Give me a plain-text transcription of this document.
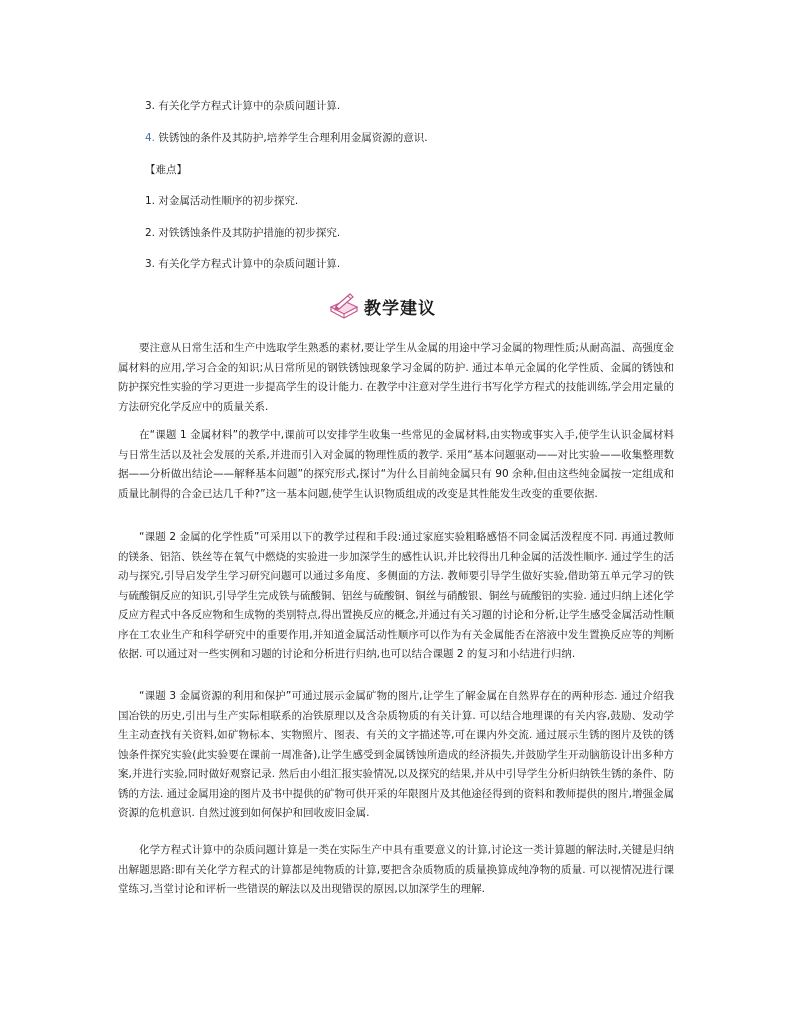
3. 有关化学方程式计算中的杂质问题计算.
4. 铁锈蚀的条件及其防护,培养学生合理利用金属资源的意识.
【难点】
1. 对金属活动性顺序的初步探究.
2. 对铁锈蚀条件及其防护措施的初步探究.
3. 有关化学方程式计算中的杂质问题计算.
教学建议

要注意从日常生活和生产中选取学生熟悉的素材,要让学生从金属的用途中学习金属的物理性质;从耐高温、高强度金属材料的应用,学习合金的知识;从日常所见的钢铁锈蚀现象学习金属的防护. 通过本单元金属的化学性质、金属的锈蚀和防护探究性实验的学习更进一步提高学生的设计能力. 在教学中注意对学生进行书写化学方程式的技能训练,学会用定量的方法研究化学反应中的质量关系.

在“课题 1 金属材料”的教学中,课前可以安排学生收集一些常见的金属材料,由实物或事实入手,使学生认识金属材料与日常生活以及社会发展的关系,并进而引入对金属的物理性质的教学. 采用“基本问题驱动——对比实验——收集整理数据——分析做出结论——解释基本问题”的探究形式,探讨“为什么目前纯金属只有 90 余种,但由这些纯金属按一定组成和质量比制得的合金已达几千种?”这一基本问题,使学生认识物质组成的改变是其性能发生改变的重要依据.

“课题 2 金属的化学性质”可采用以下的教学过程和手段:通过家庭实验粗略感悟不同金属活泼程度不同. 再通过教师的镁条、铝箔、铁丝等在氧气中燃烧的实验进一步加深学生的感性认识,并比较得出几种金属的活泼性顺序. 通过学生的活动与探究,引导启发学生学习研究问题可以通过多角度、多侧面的方法. 教师要引导学生做好实验,借助第五单元学习的铁与硫酸铜反应的知识,引导学生完成铁与硫酸铜、铝丝与硫酸铜、铜丝与硝酸银、铜丝与硫酸铝的实验. 通过归纳上述化学反应方程式中各反应物和生成物的类别特点,得出置换反应的概念,并通过有关习题的讨论和分析,让学生感受金属活动性顺序在工农业生产和科学研究中的重要作用,并知道金属活动性顺序可以作为有关金属能否在溶液中发生置换反应等的判断依据. 可以通过对一些实例和习题的讨论和分析进行归纳,也可以结合课题 2 的复习和小结进行归纳.

“课题 3 金属资源的利用和保护”可通过展示金属矿物的图片,让学生了解金属在自然界存在的两种形态. 通过介绍我国冶铁的历史,引出与生产实际相联系的冶铁原理以及含杂质物质的有关计算. 可以结合地理课的有关内容,鼓励、发动学生主动查找有关资料,如矿物标本、实物照片、图表、有关的文字描述等,可在课内外交流. 通过展示生锈的图片及铁的锈蚀条件探究实验(此实验要在课前一周准备),让学生感受到金属锈蚀所造成的经济损失,并鼓励学生开动脑筋设计出多种方案,并进行实验,同时做好观察记录. 然后由小组汇报实验情况,以及探究的结果,并从中引导学生分析归纳铁生锈的条件、防锈的方法. 通过金属用途的图片及书中提供的矿物可供开采的年限图片及其他途径得到的资料和教师提供的图片,增强金属资源的危机意识. 自然过渡到如何保护和回收废旧金属.

化学方程式计算中的杂质问题计算是一类在实际生产中具有重要意义的计算,讨论这一类计算题的解法时,关键是归纳出解题思路:即有关化学方程式的计算都是纯物质的计算,要把含杂质物质的质量换算成纯净物的质量. 可以视情况进行课堂练习,当堂讨论和评析一些错误的解法以及出现错误的原因,以加深学生的理解.
